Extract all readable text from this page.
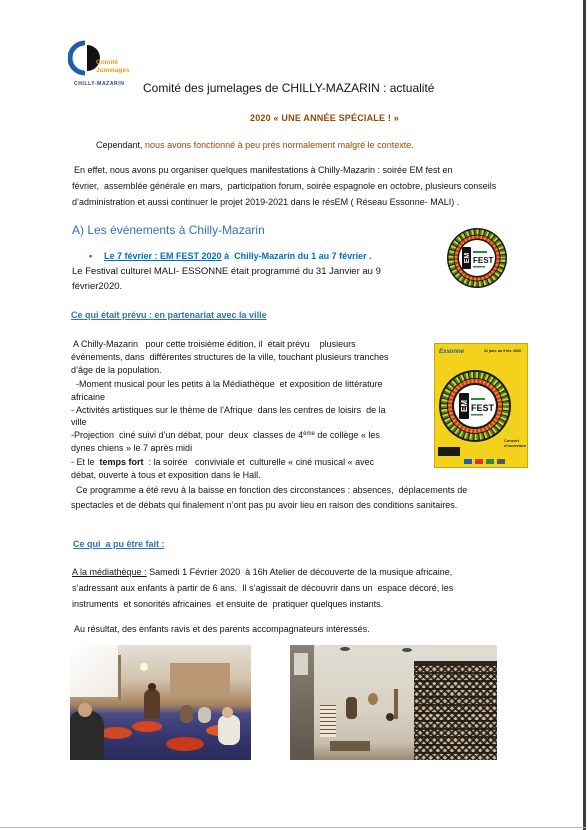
Comité
Jumelages
CHILLY-MAZARIN Comité des jumelages de CHILLY-MAZARIN : actualité
2020 « UNE ANNÉE SPÉCIALE ! »
Cependant, nous avons fonctionné à peu près normalement malgré le contexte.
En effet, nous avons pu organiser quelques manifestations à Chilly-Mazarin : soirée EM fest en
février,  assemblée générale en mars,  participation forum, soirée espagnole en octobre, plusieurs conseils
d’administration et aussi continuer le projet 2019-2021 dans le résEM ( Réseau Essonne- MALI) .
A) Les événements à Chilly-Mazarin
• Le 7 février : EM FEST 2020 à  Chilly-Mazarin du 1 au 7 février .
Le Festival culturel MALI- ESSONNE était programmé du 31 Janvier au 9
février2020.
EM FEST
Ce qui était prévu : en partenariat avec la ville
A Chilly-Mazarin   pour cette troisième édition, il  était prévu    plusieurs
évènements, dans  différentes structures de la ville, touchant plusieurs tranches
d’âge de la population.
-Moment musical pour les petits à la Médiathèque  et exposition de littérature
africaine
- Activités artistiques sur le thème de l’Afrique  dans les centres de loisirs  de la
ville
-Projection  ciné suivi d’un débat, pour  deux  classes de 4ème de collège « les
dynes chiens » le 7 après midi
- Et le  temps fort  : la soirée   conviviale et  culturelle « ciné musical « avec
débat, ouverte à tous et exposition dans le Hall.
Ce programme a été revu à la baisse en fonction des circonstances : absences,  déplacements de
spectacles et de débats qui finalement n’ont pas pu avoir lieu en raison des conditions sanitaires.
Essonne	31 janv. au 9 fév. 2020
EM FEST
Concert
d’ouverture
Ce qui  a pu être fait :
A la médiathèque : Samedi 1 Février 2020  à 16h Atelier de découverte de la musique africaine,
s’adressant aux enfants à partir de 6 ans.  Il s’agissait de découvrir dans un  espace décoré, les
instruments  et sonorités africaines  et ensuite de  pratiquer quelques instants.
Au résultat, des enfants ravis et des parents accompagnateurs intéressés.
